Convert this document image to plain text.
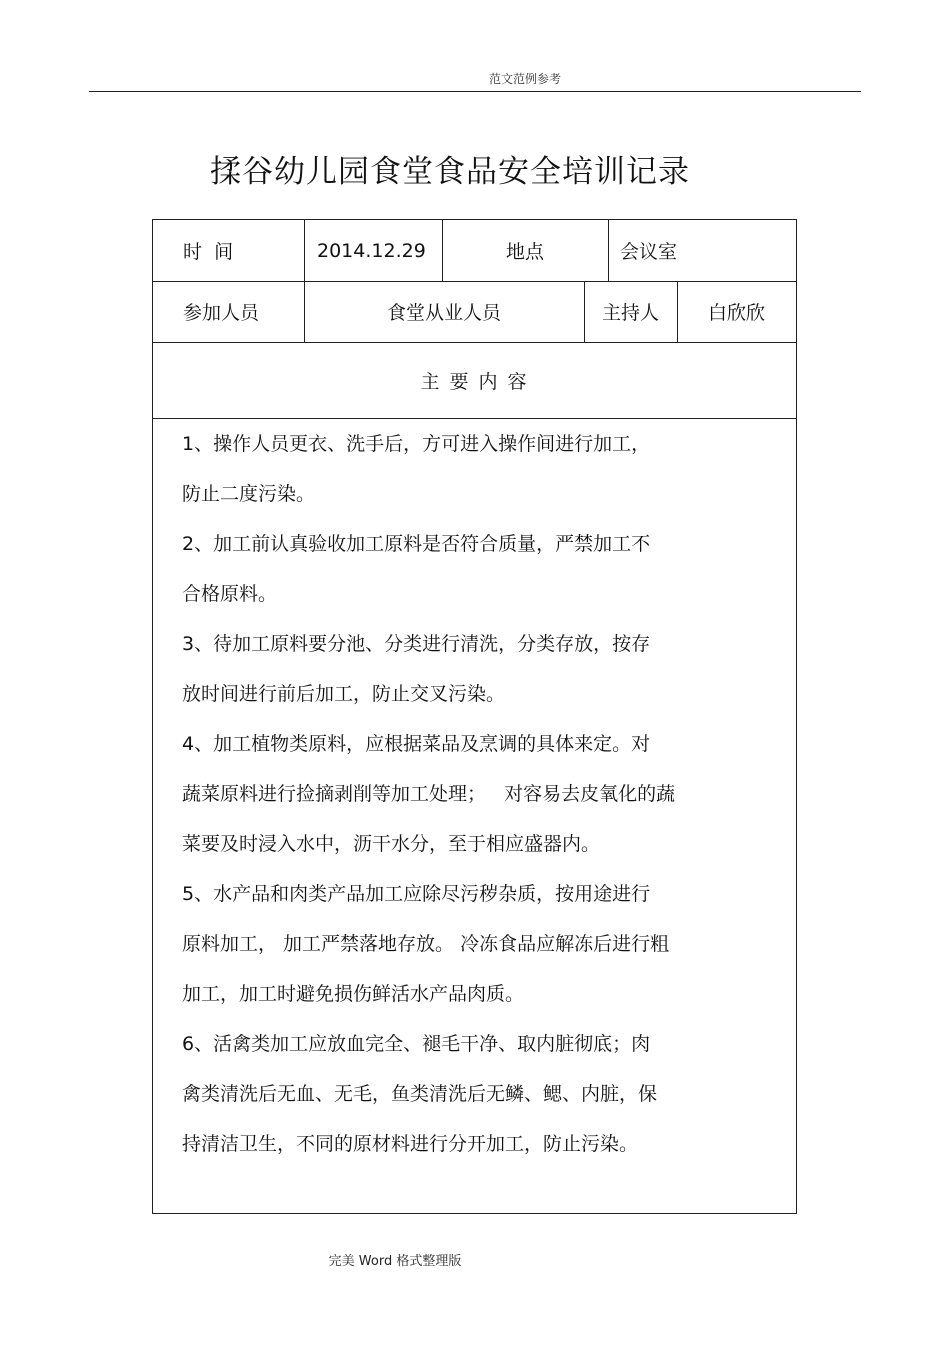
范文范例参考
揉谷幼儿园食堂食品安全培训记录
时  间	2014.12.29	地点	会议室
参加人员	食堂从业人员	主持人	白欣欣
主 要 内 容
1、操作人员更衣、洗手后，方可进入操作间进行加工，
防止二度污染。
2、加工前认真验收加工原料是否符合质量，严禁加工不
合格原料。
3、待加工原料要分池、分类进行清洗，分类存放，按存
放时间进行前后加工，防止交叉污染。
4、加工植物类原料，应根据菜品及烹调的具体来定。对
蔬菜原料进行捡摘剥削等加工处理；   对容易去皮氧化的蔬
菜要及时浸入水中，沥干水分，至于相应盛器内。
5、水产品和肉类产品加工应除尽污秽杂质，按用途进行
原料加工， 加工严禁落地存放。 冷冻食品应解冻后进行粗
加工，加工时避免损伤鲜活水产品肉质。
6、活禽类加工应放血完全、褪毛干净、取内脏彻底；肉
禽类清洗后无血、无毛，鱼类清洗后无鳞、鳃、内脏，保
持清洁卫生，不同的原材料进行分开加工，防止污染。
完美 Word 格式整理版
